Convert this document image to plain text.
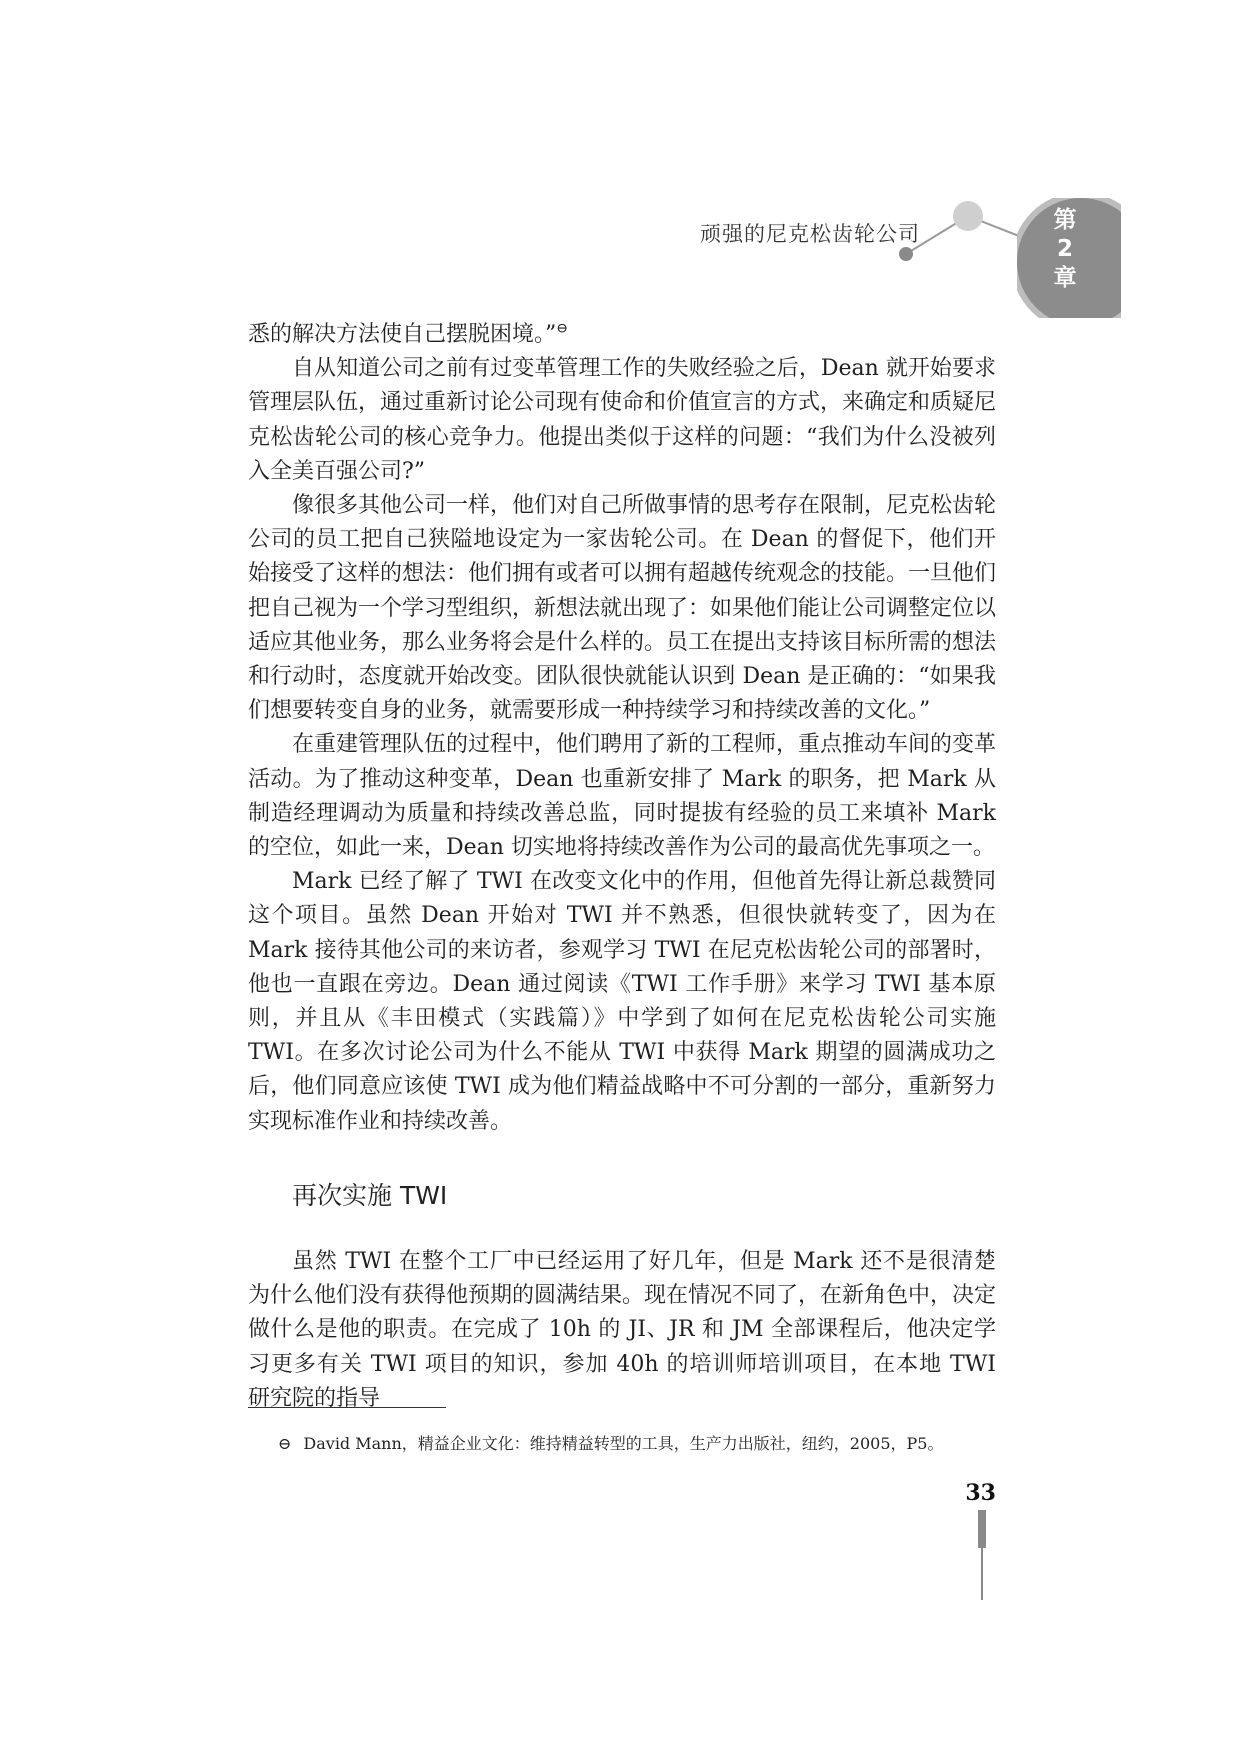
顽强的尼克松齿轮公司
第
2
章

悉的解决方法使自己摆脱困境。”⊖

自从知道公司之前有过变革管理工作的失败经验之后，Dean 就开始要求管理层队伍，通过重新讨论公司现有使命和价值宣言的方式，来确定和质疑尼克松齿轮公司的核心竞争力。他提出类似于这样的问题：“我们为什么没被列入全美百强公司?”

像很多其他公司一样，他们对自己所做事情的思考存在限制，尼克松齿轮公司的员工把自己狭隘地设定为一家齿轮公司。在 Dean 的督促下，他们开始接受了这样的想法：他们拥有或者可以拥有超越传统观念的技能。一旦他们把自己视为一个学习型组织，新想法就出现了：如果他们能让公司调整定位以适应其他业务，那么业务将会是什么样的。员工在提出支持该目标所需的想法和行动时，态度就开始改变。团队很快就能认识到 Dean 是正确的：“如果我们想要转变自身的业务，就需要形成一种持续学习和持续改善的文化。”

在重建管理队伍的过程中，他们聘用了新的工程师，重点推动车间的变革活动。为了推动这种变革，Dean 也重新安排了 Mark 的职务，把 Mark 从制造经理调动为质量和持续改善总监，同时提拔有经验的员工来填补 Mark 的空位，如此一来，Dean 切实地将持续改善作为公司的最高优先事项之一。

Mark 已经了解了 TWI 在改变文化中的作用，但他首先得让新总裁赞同这个项目。虽然 Dean 开始对 TWI 并不熟悉，但很快就转变了，因为在 Mark 接待其他公司的来访者，参观学习 TWI 在尼克松齿轮公司的部署时，他也一直跟在旁边。Dean 通过阅读《TWI 工作手册》来学习 TWI 基本原则，并且从《丰田模式（实践篇）》中学到了如何在尼克松齿轮公司实施 TWI。在多次讨论公司为什么不能从 TWI 中获得 Mark 期望的圆满成功之后，他们同意应该使 TWI 成为他们精益战略中不可分割的一部分，重新努力实现标准作业和持续改善。

再次实施 TWI

虽然 TWI 在整个工厂中已经运用了好几年，但是 Mark 还不是很清楚为什么他们没有获得他预期的圆满结果。现在情况不同了，在新角色中，决定做什么是他的职责。在完成了 10h 的 JI、JR 和 JM 全部课程后，他决定学习更多有关 TWI 项目的知识，参加 40h 的培训师培训项目，在本地 TWI 研究院的指导

⊖ David Mann，精益企业文化：维持精益转型的工具，生产力出版社，纽约，2005，P5。
33
